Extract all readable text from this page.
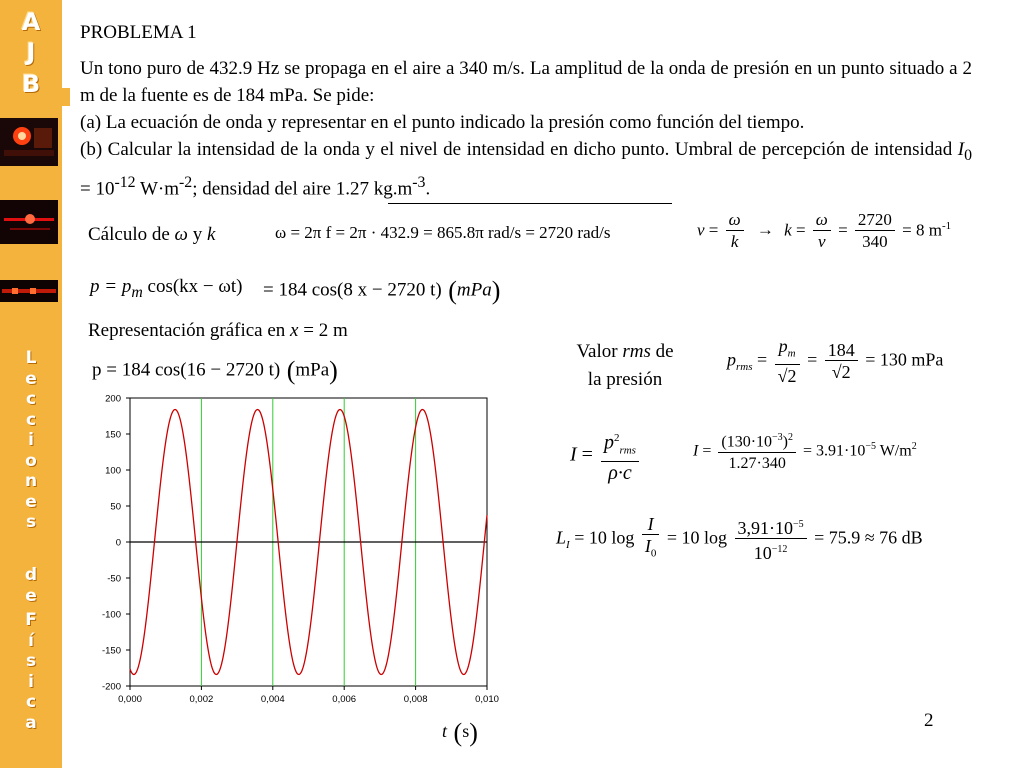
A
J
B
L
e
c
c
i
o
n
e
s
d
e
F
í
s
i
c
a
PROBLEMA 1

Un tono puro de 432.9 Hz se propaga en el aire a 340 m/s. La amplitud de la onda de presión en un punto situado a 2 m de la fuente es de 184 mPa. Se pide:

(a) La ecuación de onda y representar en el punto indicado la presión como función del tiempo.

(b) Calcular la intensidad de la onda y el nivel de intensidad en dicho punto. Umbral de percepción de intensidad $I_0 = 10^{-12}$ $W\cdot m^{-2}$; densidad del aire 1.27 $kg.m^{-3}$.

Cálculo de ω y k	ω = 2π f = 2π · 432.9 = 865.8π rad/s = 2720 rad/s	$v = \frac{\omega}{k} \to k = \frac{\omega}{v} = \frac{2720}{340} = 8$ $m^{-1}$
$p = p_m$ cos(kx − ωt) = 184 cos(8 x − 2720 t) (mPa)
Representación gráfica en x = 2 m
p = 184 cos(16 − 2720 t) (mPa)
0,000	0,002	0,004	0,006	0,008	0,010
200
150
100
50
0
-50
-100
-150
-200
t (s)
Valor rms de
la presión
$p_{rms} = \frac{p_m}{√2} = \frac{184}{√2} = 130$ mPa
$I = \frac{p^2_{rms}}{\rho\cdot c}$	$I = \frac{(130\cdot 10^{-3})^2}{1.27\cdot 340} = 3.91\cdot 10^{-5}$ $W/m^2$
$L_I = 10$ $\log \frac{I}{I_0} = 10$ $\log \frac{3,91\cdot 10^{-5}}{10^{-12}} = 75.9 \approx 76$ dB
2
